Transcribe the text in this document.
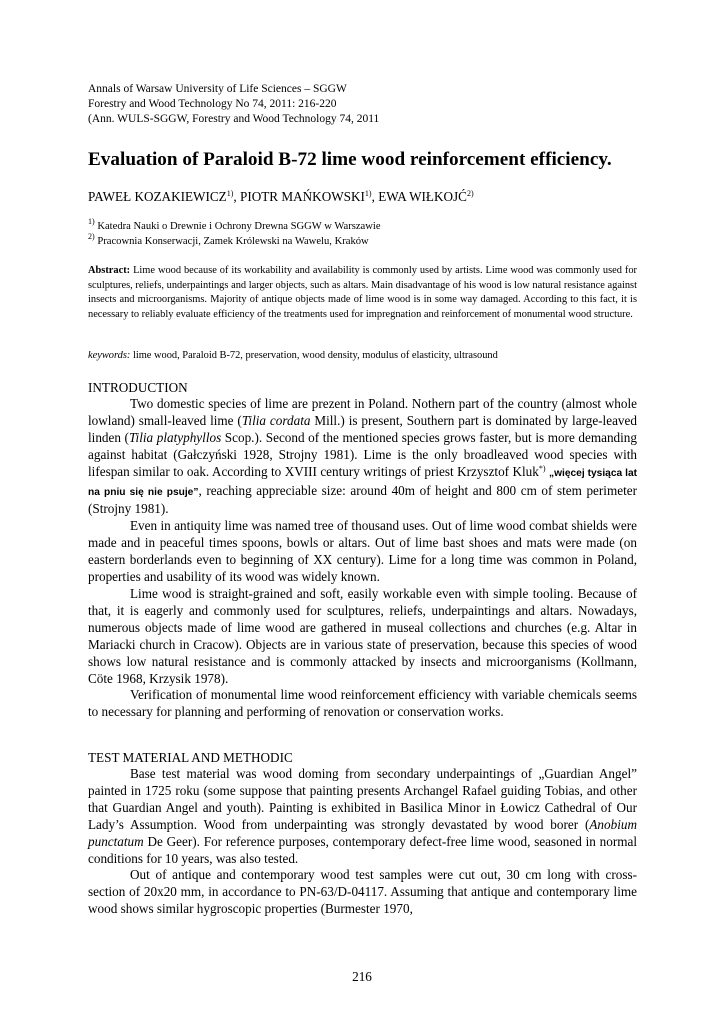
Annals of Warsaw University of Life Sciences – SGGW
Forestry and Wood Technology No 74, 2011: 216-220
(Ann. WULS-SGGW, Forestry and Wood Technology 74, 2011
Evaluation of Paraloid B-72 lime wood reinforcement efficiency.
PAWEŁ KOZAKIEWICZ$^{1)}$, PIOTR MAŃKOWSKI$^{1)}$, EWA WIŁKOJĆ$^{2)}$
$^{1)}$ Katedra Nauki o Drewnie i Ochrony Drewna SGGW w Warszawie
$^{2)}$ Pracownia Konserwacji, Zamek Królewski na Wawelu, Kraków
Abstract: Lime wood because of its workability and availability is commonly used by artists. Lime wood was commonly used for sculptures, reliefs, underpaintings and larger objects, such as altars. Main disadvantage of his wood is low natural resistance against insects and microorganisms. Majority of antique objects made of lime wood is in some way damaged. According to this fact, it is necessary to reliably evaluate efficiency of the treatments used for impregnation and reinforcement of monumental wood structure.
keywords: lime wood, Paraloid B-72, preservation, wood density, modulus of elasticity, ultrasound
INTRODUCTION

Two domestic species of lime are prezent in Poland. Nothern part of the country (almost whole lowland) small-leaved lime (Tilia cordata Mill.) is present, Southern part is dominated by large-leaved linden (Tilia platyphyllos Scop.). Second of the mentioned species grows faster, but is more demanding against habitat (Gałczyński 1928, Strojny 1981). Lime is the only broadleaved wood species with lifespan similar to oak. According to XVIII century writings of priest Krzysztof Kluk*) „więcej tysiąca lat na pniu się nie psuje”, reaching appreciable size: around 40m of height and 800 cm of stem perimeter (Strojny 1981).

Even in antiquity lime was named tree of thousand uses. Out of lime wood combat shields were made and in peaceful times spoons, bowls or altars. Out of lime bast shoes and mats were made (on eastern borderlands even to beginning of XX century). Lime for a long time was common in Poland, properties and usability of its wood was widely known.

Lime wood is straight-grained and soft, easily workable even with simple tooling. Because of that, it is eagerly and commonly used for sculptures, reliefs, underpaintings and altars. Nowadays, numerous objects made of lime wood are gathered in museal collections and churches (e.g. Altar in Mariacki church in Cracow). Objects are in various state of preservation, because this species of wood shows low natural resistance and is commonly attacked by insects and microorganisms (Kollmann, Cöte 1968, Krzysik 1978).

Verification of monumental lime wood reinforcement efficiency with variable chemicals seems to necessary for planning and performing of renovation or conservation works.

TEST MATERIAL AND METHODIC

Base test material was wood doming from secondary underpaintings of „Guardian Angel” painted in 1725 roku (some suppose that painting presents Archangel Rafael guiding Tobias, and other that Guardian Angel and youth). Painting is exhibited in Basilica Minor in Łowicz Cathedral of Our Lady’s Assumption. Wood from underpainting was strongly devastated by wood borer (Anobium punctatum De Geer). For reference purposes, contemporary defect-free lime wood, seasoned in normal conditions for 10 years, was also tested.

Out of antique and contemporary wood test samples were cut out, 30 cm long with cross-section of 20x20 mm, in accordance to PN-63/D-04117. Assuming that antique and contemporary lime wood shows similar hygroscopic properties (Burmester 1970,

216
